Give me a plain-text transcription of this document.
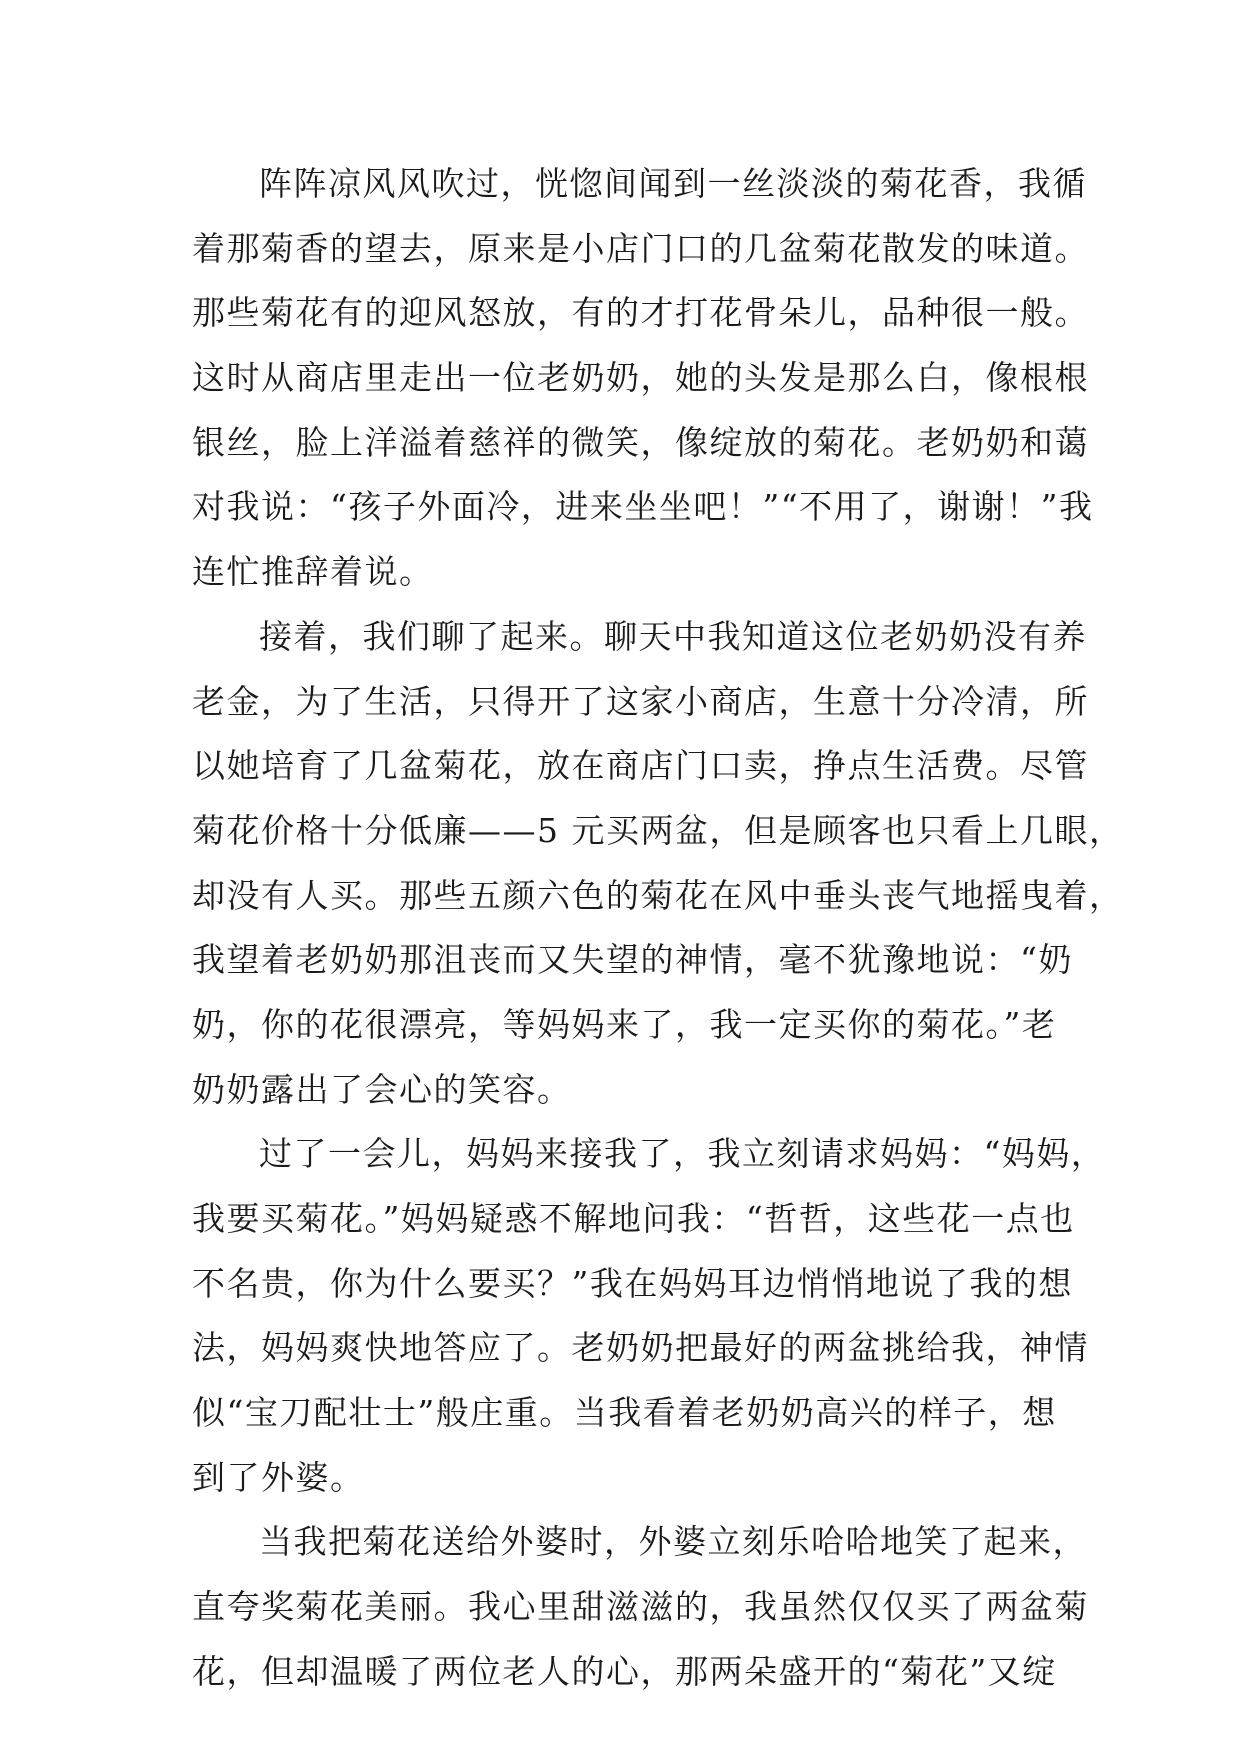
阵阵凉风风吹过，恍惚间闻到一丝淡淡的菊花香，我循
着那菊香的望去，原来是小店门口的几盆菊花散发的味道。
那些菊花有的迎风怒放，有的才打花骨朵儿，品种很一般。
这时从商店里走出一位老奶奶，她的头发是那么白，像根根
银丝，脸上洋溢着慈祥的微笑，像绽放的菊花。老奶奶和蔼
对我说：“孩子外面冷，进来坐坐吧！”“不用了，谢谢！”我
连忙推辞着说。
接着，我们聊了起来。聊天中我知道这位老奶奶没有养
老金，为了生活，只得开了这家小商店，生意十分冷清，所
以她培育了几盆菊花，放在商店门口卖，挣点生活费。尽管
菊花价格十分低廉——5 元买两盆，但是顾客也只看上几眼，
却没有人买。那些五颜六色的菊花在风中垂头丧气地摇曳着，
我望着老奶奶那沮丧而又失望的神情，毫不犹豫地说：“奶
奶，你的花很漂亮，等妈妈来了，我一定买你的菊花。”老
奶奶露出了会心的笑容。
过了一会儿，妈妈来接我了，我立刻请求妈妈：“妈妈，
我要买菊花。”妈妈疑惑不解地问我：“哲哲，这些花一点也
不名贵，你为什么要买？”我在妈妈耳边悄悄地说了我的想
法，妈妈爽快地答应了。老奶奶把最好的两盆挑给我，神情
似“宝刀配壮士”般庄重。当我看着老奶奶高兴的样子，想
到了外婆。
当我把菊花送给外婆时，外婆立刻乐哈哈地笑了起来，
直夸奖菊花美丽。我心里甜滋滋的，我虽然仅仅买了两盆菊
花，但却温暖了两位老人的心，那两朵盛开的“菊花”又绽
